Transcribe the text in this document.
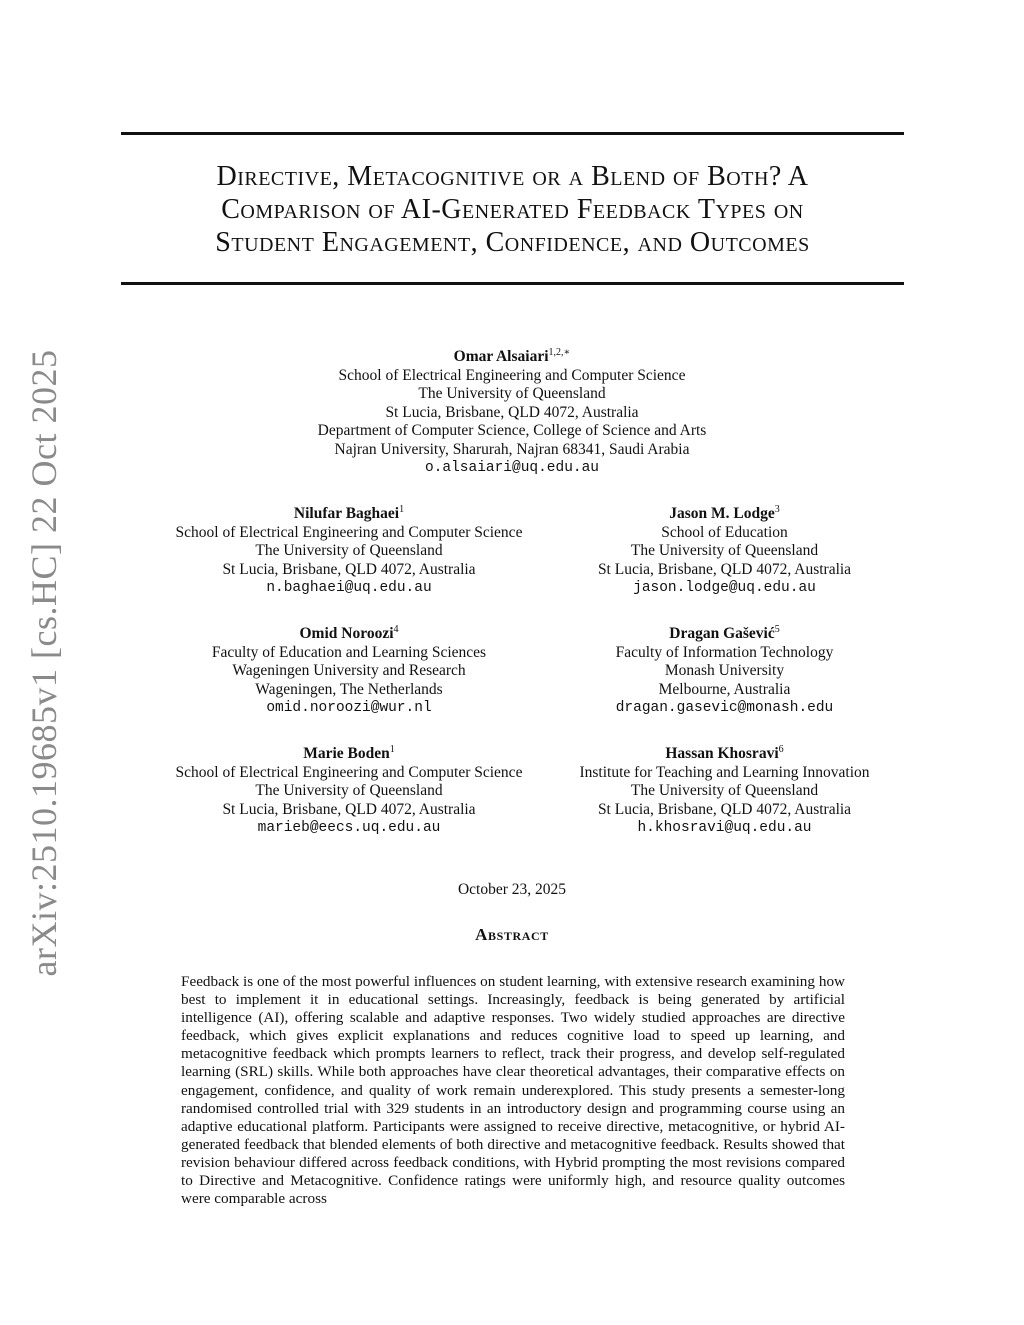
arXiv:2510.19685v1 [cs.HC] 22 Oct 2025
Directive, Metacognitive or a Blend of Both? A
Comparison of AI-Generated Feedback Types on
Student Engagement, Confidence, and Outcomes
Omar Alsaiari$^{1,2,∗}$
School of Electrical Engineering and Computer Science
The University of Queensland
St Lucia, Brisbane, QLD 4072, Australia
Department of Computer Science, College of Science and Arts
Najran University, Sharurah, Najran 68341, Saudi Arabia
o.alsaiari@uq.edu.au
Nilufar Baghaei$^1$
School of Electrical Engineering and Computer Science
The University of Queensland
St Lucia, Brisbane, QLD 4072, Australia
n.baghaei@uq.edu.au
Jason M. Lodge$^3$
School of Education
The University of Queensland
St Lucia, Brisbane, QLD 4072, Australia
jason.lodge@uq.edu.au
Omid Noroozi$^4$
Faculty of Education and Learning Sciences
Wageningen University and Research
Wageningen, The Netherlands
omid.noroozi@wur.nl
Dragan Gašević$^5$
Faculty of Information Technology
Monash University
Melbourne, Australia
dragan.gasevic@monash.edu
Marie Boden$^1$
School of Electrical Engineering and Computer Science
The University of Queensland
St Lucia, Brisbane, QLD 4072, Australia
marieb@eecs.uq.edu.au
Hassan Khosravi$^6$
Institute for Teaching and Learning Innovation
The University of Queensland
St Lucia, Brisbane, QLD 4072, Australia
h.khosravi@uq.edu.au
October 23, 2025
Abstract
Feedback is one of the most powerful influences on student learning, with extensive research examining how best to implement it in educational settings. Increasingly, feedback is being generated by artificial intelligence (AI), offering scalable and adaptive responses. Two widely studied approaches are directive feedback, which gives explicit explanations and reduces cognitive load to speed up learning, and metacognitive feedback which prompts learners to reflect, track their progress, and develop self-regulated learning (SRL) skills. While both approaches have clear theoretical advantages, their comparative effects on engagement, confidence, and quality of work remain underexplored. This study presents a semester-long randomised controlled trial with 329 students in an introductory design and programming course using an adaptive educational platform. Participants were assigned to receive directive, metacognitive, or hybrid AI-generated feedback that blended elements of both directive and metacognitive feedback. Results showed that revision behaviour differed across feedback conditions, with Hybrid prompting the most revisions compared to Directive and Metacognitive. Confidence ratings were uniformly high, and resource quality outcomes were comparable across
